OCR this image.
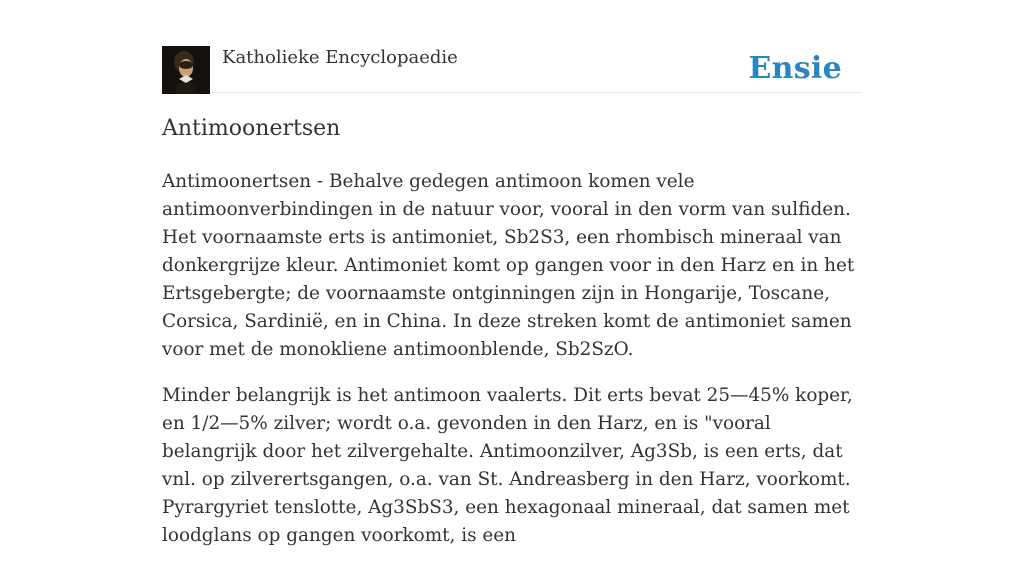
Katholieke Encyclopaedie	Ensie
Antimoonertsen

Antimoonertsen - Behalve gedegen antimoon komen vele antimoonverbindingen in de natuur voor, vooral in den vorm van sulfiden. Het voornaamste erts is antimoniet, Sb2S3, een rhombisch mineraal van donkergrijze kleur. Antimoniet komt op gangen voor in den Harz en in het Ertsgebergte; de voornaamste ontginningen zijn in Hongarije, Toscane, Corsica, Sardinië, en in China. In deze streken komt de antimoniet samen voor met de monokliene antimoonblende, Sb2SzO.

Minder belangrijk is het antimoon vaalerts. Dit erts bevat 25—45% koper, en 1/2—5% zilver; wordt o.a. gevonden in den Harz, en is "vooral belangrijk door het zilvergehalte. Antimoonzilver, Ag3Sb, is een erts, dat vnl. op zilverertsgangen, o.a. van St. Andreasberg in den Harz, voorkomt. Pyrargyriet tenslotte, Ag3SbS3, een hexagonaal mineraal, dat samen met loodglans op gangen voorkomt, is een
